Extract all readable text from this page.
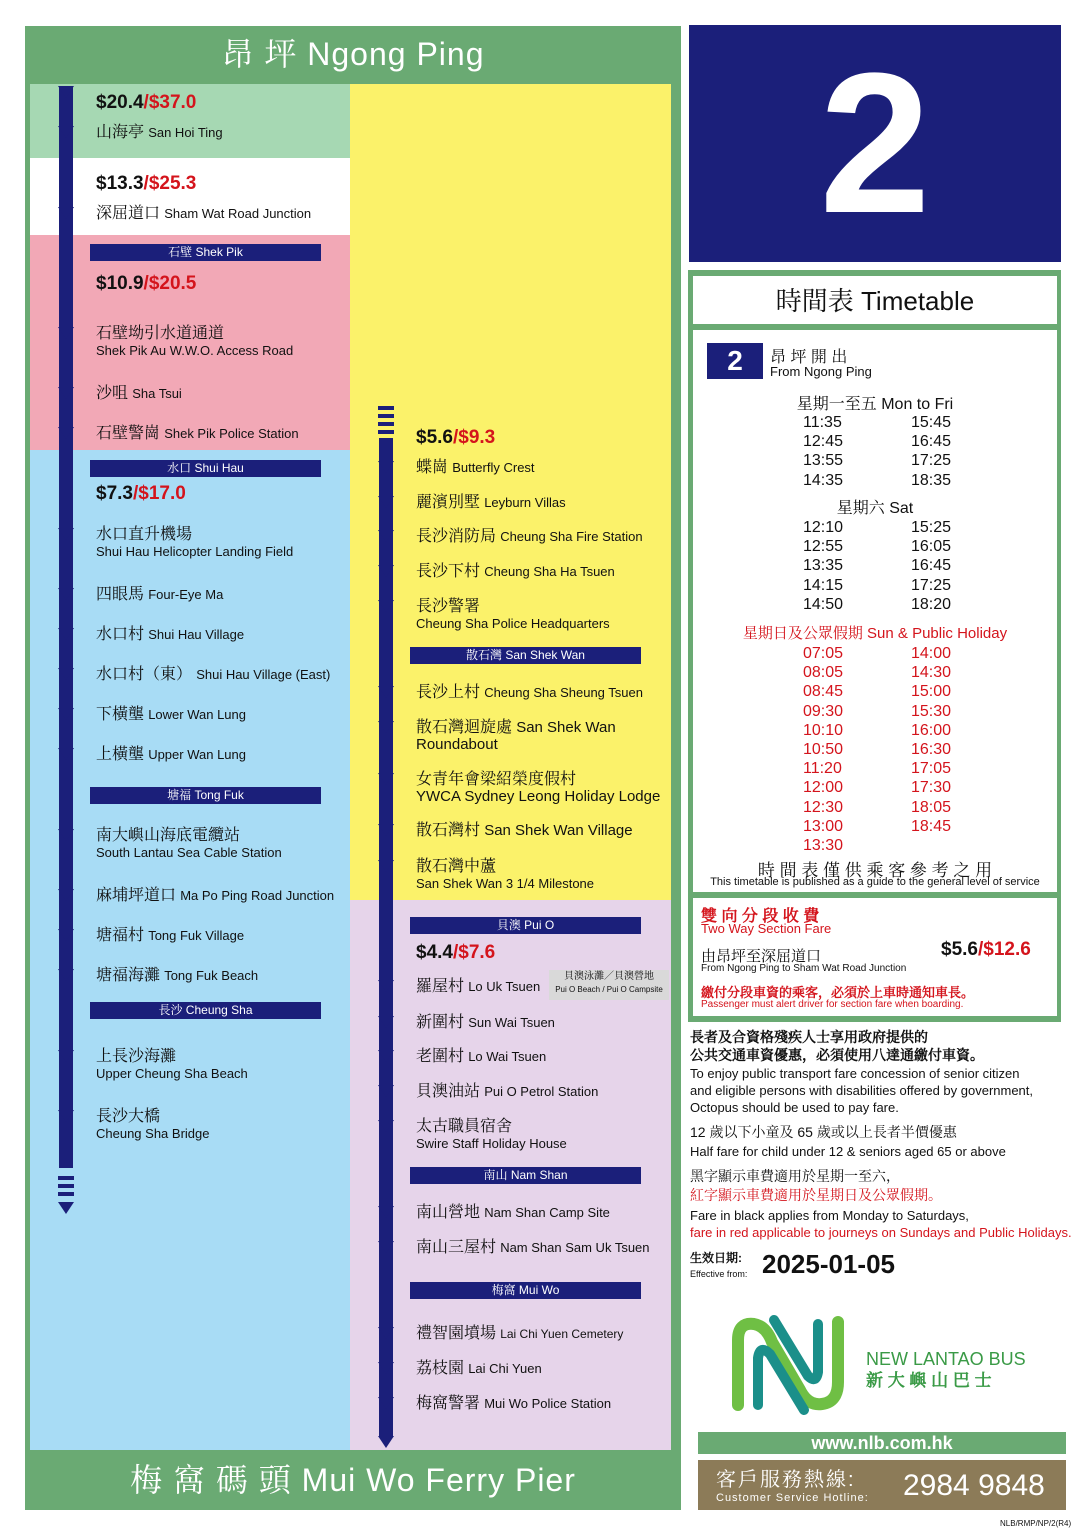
昂 坪 Ngong Ping
$20.4/$37.0
山海亭 San Hoi Ting
$13.3/$25.3
深屈道口 Sham Wat Road Junction
石壁 Shek Pik
$10.9/$20.5
石壁坳引水道通道
Shek Pik Au W.W.O. Access Road
沙咀 Sha Tsui
石壁警崗 Shek Pik Police Station
水口 Shui Hau
$7.3/$17.0
水口直升機場
Shui Hau Helicopter Landing Field
四眼馬 Four-Eye Ma
水口村 Shui Hau Village
水口村（東） Shui Hau Village (East)
下橫壟 Lower Wan Lung
上橫壟 Upper Wan Lung
塘福 Tong Fuk
南大嶼山海底電纜站
South Lantau Sea Cable Station
麻埔坪道口 Ma Po Ping Road Junction
塘福村 Tong Fuk Village
塘福海灘 Tong Fuk Beach
長沙 Cheung Sha
上長沙海灘
Upper Cheung Sha Beach
長沙大橋
Cheung Sha Bridge
$5.6/$9.3
蝶崗 Butterfly Crest
麗濱別墅 Leyburn Villas
長沙消防局 Cheung Sha Fire Station
長沙下村 Cheung Sha Ha Tsuen
長沙警署
Cheung Sha Police Headquarters
散石灣 San Shek Wan
長沙上村 Cheung Sha Sheung Tsuen
散石灣迴旋處 San Shek Wan Roundabout
女青年會梁紹榮度假村
YWCA Sydney Leong Holiday Lodge
散石灣村 San Shek Wan Village
散石灣中蘆
San Shek Wan 3 1/4 Milestone
貝澳 Pui O
$4.4/$7.6
羅屋村 Lo Uk Tsuen
貝澳泳灘／貝澳營地
Pui O Beach / Pui O Campsite
新圍村 Sun Wai Tsuen
老圍村 Lo Wai Tsuen
貝澳油站 Pui O Petrol Station
太古職員宿舍
Swire Staff Holiday House
南山 Nam Shan
南山營地 Nam Shan Camp Site
南山三屋村 Nam Shan Sam Uk Tsuen
梅窩 Mui Wo
禮智園墳場 Lai Chi Yuen Cemetery
荔枝園 Lai Chi Yuen
梅窩警署 Mui Wo Police Station
梅 窩 碼 頭 Mui Wo Ferry Pier
2
時間表 Timetable
2	昂 坪 開 出
From Ngong Ping
星期一至五 Mon to Fri
11:35
12:45
13:55
14:35
15:45
16:45
17:25
18:35
星期六 Sat
12:10
12:55
13:35
14:15
14:50
15:25
16:05
16:45
17:25
18:20
星期日及公眾假期 Sun & Public Holiday
07:05
08:05
08:45
09:30
10:10
10:50
11:20
12:00
12:30
13:00
13:30
14:00
14:30
15:00
15:30
16:00
16:30
17:05
17:30
18:05
18:45
時 間 表 僅 供 乘 客 參 考 之 用
This timetable is published as a guide to the general level of service
雙 向 分 段 收 費
Two Way Section Fare
由昂坪至深屈道口
From Ngong Ping to Sham Wat Road Junction
$5.6/$12.6
繳付分段車資的乘客，必須於上車時通知車長。
Passenger must alert driver for section fare when boarding.
長者及合資格殘疾人士享用政府提供的
公共交通車資優惠，必須使用八達通繳付車資。
To enjoy public transport fare concession of senior citizen
and eligible persons with disabilities offered by government,
Octopus should be used to pay fare.
12 歲以下小童及 65 歲或以上長者半價優惠
Half fare for child under 12 & seniors aged 65 or above
黑字顯示車費適用於星期一至六，
紅字顯示車費適用於星期日及公眾假期。
Fare in black applies from Monday to Saturdays,
fare in red applicable to journeys on Sundays and Public Holidays.
生效日期:
Effective from: 2025-01-05
NEW LANTAO BUS
新 大 嶼 山 巴 士
www.nlb.com.hk
客戶服務熱線:
Customer Service Hotline: 2984 9848
NLB/RMP/NP/2(R4)
